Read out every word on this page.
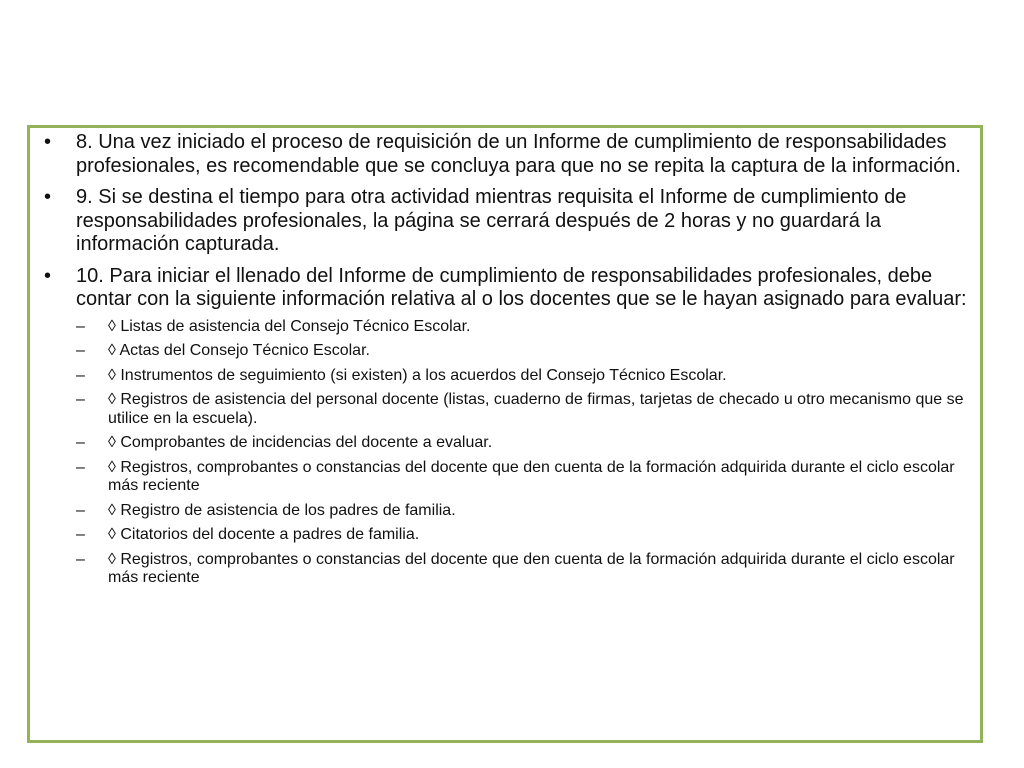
•	8. Una vez iniciado el proceso de requisición de un Informe de cumplimiento de responsabilidades profesionales, es recomendable que se concluya para que no se repita la captura de la información.
•	9. Si se destina el tiempo para otra actividad mientras requisita el Informe de cumplimiento de responsabilidades profesionales, la página se cerrará después de 2 horas y no guardará la información capturada.
•	10. Para iniciar el llenado del Informe de cumplimiento de responsabilidades profesionales, debe contar con la siguiente información relativa al o los docentes que se le hayan asignado para evaluar:
–	◊ Listas de asistencia del Consejo Técnico Escolar.
–	◊ Actas del Consejo Técnico Escolar.
–	◊ Instrumentos de seguimiento (si existen) a los acuerdos del Consejo Técnico Escolar.
–	◊ Registros de asistencia del personal docente (listas, cuaderno de firmas, tarjetas de checado u otro mecanismo que se utilice en la escuela).
–	◊ Comprobantes de incidencias del docente a evaluar.
–	◊ Registros, comprobantes o constancias del docente que den cuenta de la formación adquirida durante el ciclo escolar más reciente
–	◊ Registro de asistencia de los padres de familia.
–	◊ Citatorios del docente a padres de familia.
–	◊ Registros, comprobantes o constancias del docente que den cuenta de la formación adquirida durante el ciclo escolar más reciente
